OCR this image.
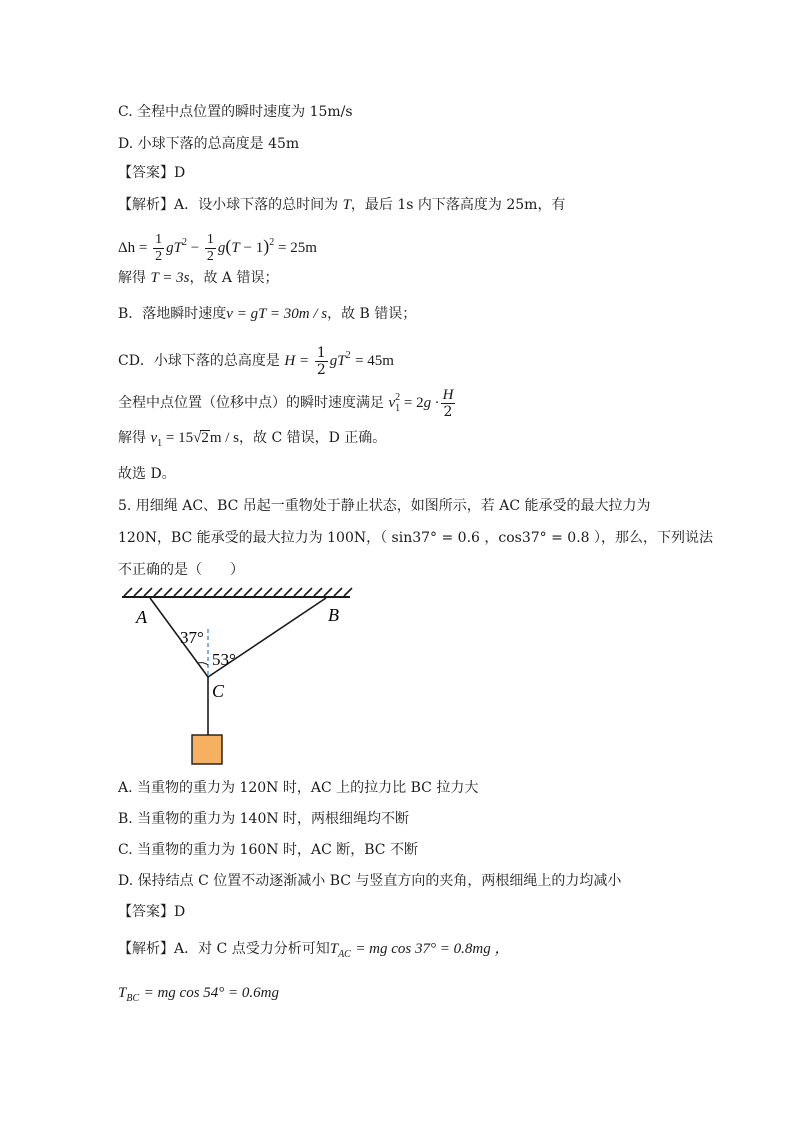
C. 全程中点位置的瞬时速度为 15m/s
D. 小球下落的总高度是 45m
【答案】D
【解析】A．设小球下落的总时间为 T，最后 1s 内下落高度为 25m，有
$\Delta h = \frac{1}{2} gT^2 - \frac{1}{2} g(T - 1)^2 = 25m$
解得 T = 3s，故 A 错误；
B．落地瞬时速度v = gT = 30m / s，故 B 错误；
CD．小球下落的总高度是 $H = \frac{1}{2} gT^2 = 45m$
全程中点位置（位移中点）的瞬时速度满足 $v_1^2 = 2g \cdot \frac{H}{2}$
解得 $v_1 = 15√2m / s$，故 C 错误，D 正确。
故选 D。
5. 用细绳 AC、BC 吊起一重物处于静止状态，如图所示，若 AC 能承受的最大拉力为
120N，BC 能承受的最大拉力为 100N，（ sin37° = 0.6 ，cos37° = 0.8 ），那么，下列说法
不正确的是（　　）
A	B
C
37°
53°
A. 当重物的重力为 120N 时，AC 上的拉力比 BC 拉力大
B. 当重物的重力为 140N 时，两根细绳均不断
C. 当重物的重力为 160N 时，AC 断，BC 不断
D. 保持结点 C 位置不动逐渐减小 BC 与竖直方向的夹角，两根细绳上的力均减小
【答案】D
【解析】A．对 C 点受力分析可知$T_{AC}$ = mg cos 37° = 0.8mg ，
$T_{BC}$ = mg cos 54° = 0.6mg
